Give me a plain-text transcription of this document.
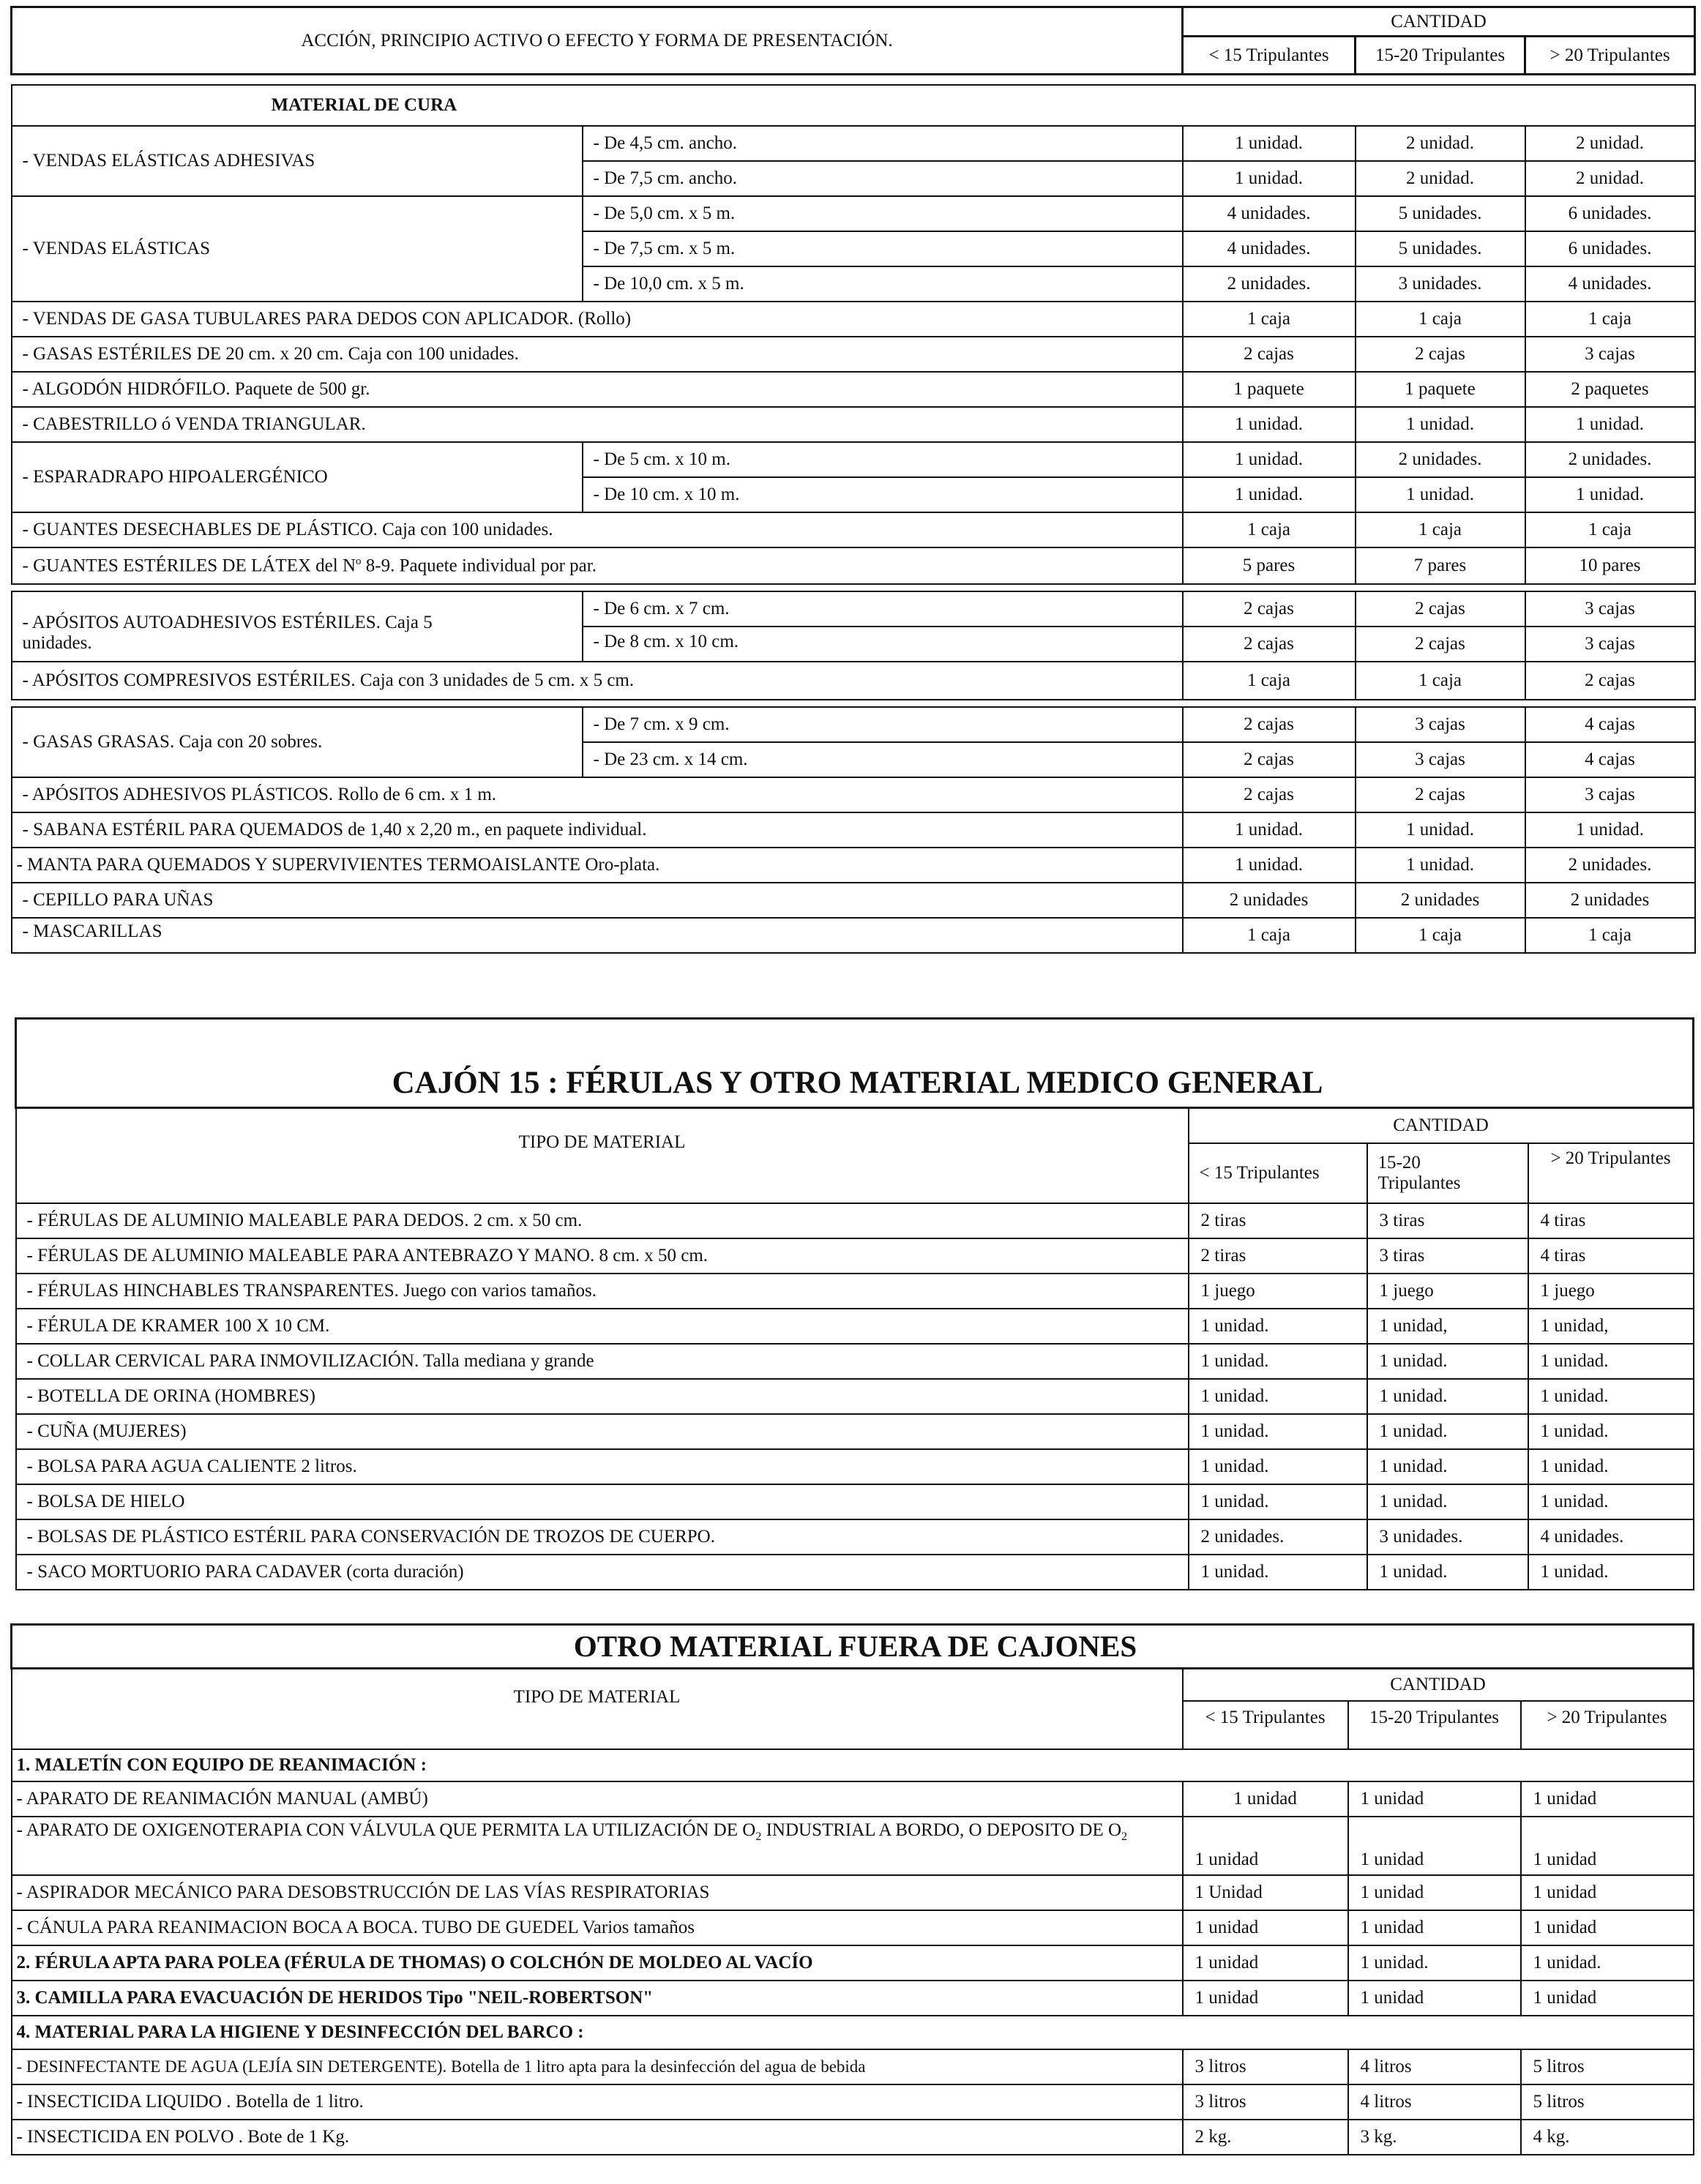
ACCIÓN, PRINCIPIO ACTIVO O EFECTO Y FORMA DE PRESENTACIÓN.		CANTIDAD		
		< 15 Tripulantes	15-20 Tripulantes	> 20 Tripulantes

MATERIAL DE CURA				
- VENDAS ELÁSTICAS ADHESIVAS	- De 4,5 cm. ancho.	1 unidad.	2 unidad.	2 unidad.
	- De 7,5 cm. ancho.	1 unidad.	2 unidad.	2 unidad.
- VENDAS ELÁSTICAS	- De 5,0 cm. x 5 m.	4 unidades.	5 unidades.	6 unidades.
	- De 7,5 cm. x 5 m.	4 unidades.	5 unidades.	6 unidades.
	- De 10,0 cm. x 5 m.	2 unidades.	3 unidades.	4 unidades.
- VENDAS DE GASA TUBULARES PARA DEDOS CON APLICADOR. (Rollo)		1 caja	1 caja	1 caja
- GASAS ESTÉRILES DE 20 cm. x 20 cm. Caja con 100 unidades.		2 cajas	2 cajas	3 cajas
- ALGODÓN HIDRÓFILO. Paquete de 500 gr.		1 paquete	1 paquete	2 paquetes
- CABESTRILLO ó VENDA TRIANGULAR.		1 unidad.	1 unidad.	1 unidad.
- ESPARADRAPO HIPOALERGÉNICO	- De 5 cm. x 10 m.	1 unidad.	2 unidades.	2 unidades.
	- De 10 cm. x 10 m.	1 unidad.	1 unidad.	1 unidad.
- GUANTES DESECHABLES DE PLÁSTICO. Caja con 100 unidades.		1 caja	1 caja	1 caja
- GUANTES ESTÉRILES DE LÁTEX del $N^o$ 8-9. Paquete individual por par.		5 pares	7 pares	10 pares

- APÓSITOS AUTOADHESIVOS ESTÉRILES. Caja 5 unidades.	- De 6 cm. x 7 cm.	2 cajas	2 cajas	3 cajas
	- De 8 cm. x 10 cm.	2 cajas	2 cajas	3 cajas
- APÓSITOS COMPRESIVOS ESTÉRILES. Caja con 3 unidades de 5 cm. x 5 cm.		1 caja	1 caja	2 cajas

- GASAS GRASAS. Caja con 20 sobres.	- De 7 cm. x 9 cm.	2 cajas	3 cajas	4 cajas
	- De 23 cm. x 14 cm.	2 cajas	3 cajas	4 cajas
- APÓSITOS ADHESIVOS PLÁSTICOS. Rollo de 6 cm. x 1 m.		2 cajas	2 cajas	3 cajas
- SABANA ESTÉRIL PARA QUEMADOS de 1,40 x 2,20 m., en paquete individual.		1 unidad.	1 unidad.	1 unidad.
- MANTA PARA QUEMADOS Y SUPERVIVIENTES TERMOAISLANTE Oro-plata.		1 unidad.	1 unidad.	2 unidades.
- CEPILLO PARA UÑAS		2 unidades	2 unidades	2 unidades
- MASCARILLAS		1 caja	1 caja	1 caja
CAJÓN 15 : FÉRULAS Y OTRO MATERIAL MEDICO GENERAL			
TIPO DE MATERIAL	CANTIDAD		
	< 15 Tripulantes	15-20 Tripulantes	> 20 Tripulantes
- FÉRULAS DE ALUMINIO MALEABLE PARA DEDOS. 2 cm. x 50 cm.	2 tiras	3 tiras	4 tiras
- FÉRULAS DE ALUMINIO MALEABLE PARA ANTEBRAZO Y MANO. 8 cm. x 50 cm.	2 tiras	3 tiras	4 tiras
- FÉRULAS HINCHABLES TRANSPARENTES. Juego con varios tamaños.	1 juego	1 juego	1 juego
- FÉRULA DE KRAMER 100 X 10 CM.	1 unidad.	1 unidad,	1 unidad,
- COLLAR CERVICAL PARA INMOVILIZACIÓN. Talla mediana y grande	1 unidad.	1 unidad.	1 unidad.
- BOTELLA DE ORINA (HOMBRES)	1 unidad.	1 unidad.	1 unidad.
- CUÑA (MUJERES)	1 unidad.	1 unidad.	1 unidad.
- BOLSA PARA AGUA CALIENTE 2 litros.	1 unidad.	1 unidad.	1 unidad.
- BOLSA DE HIELO	1 unidad.	1 unidad.	1 unidad.
- BOLSAS DE PLÁSTICO ESTÉRIL PARA CONSERVACIÓN DE TROZOS DE CUERPO.	2 unidades.	3 unidades.	4 unidades.
- SACO MORTUORIO PARA CADAVER (corta duración)	1 unidad.	1 unidad.	1 unidad.
OTRO MATERIAL FUERA DE CAJONES			
TIPO DE MATERIAL	CANTIDAD		
	< 15 Tripulantes	15-20 Tripulantes	> 20 Tripulantes
1. MALETÍN CON EQUIPO DE REANIMACIÓN :			
- APARATO DE REANIMACIÓN MANUAL (AMBÚ)	1 unidad	1 unidad	1 unidad
- APARATO DE OXIGENOTERAPIA CON VÁLVULA QUE PERMITA LA UTILIZACIÓN DE $O_2$ INDUSTRIAL A BORDO, O DEPOSITO DE $O_2$	1 unidad	1 unidad	1 unidad
- ASPIRADOR MECÁNICO PARA DESOBSTRUCCIÓN DE LAS VÍAS RESPIRATORIAS	1 Unidad	1 unidad	1 unidad
- CÁNULA PARA REANIMACION BOCA A BOCA. TUBO DE GUEDEL Varios tamaños	1 unidad	1 unidad	1 unidad
2. FÉRULA APTA PARA POLEA (FÉRULA DE THOMAS) O COLCHÓN DE MOLDEO AL VACÍO	1 unidad	1 unidad.	1 unidad.
3. CAMILLA PARA EVACUACIÓN DE HERIDOS Tipo "NEIL-ROBERTSON"	1 unidad	1 unidad	1 unidad
4. MATERIAL PARA LA HIGIENE Y DESINFECCIÓN DEL BARCO :			
- DESINFECTANTE DE AGUA (LEJÍA SIN DETERGENTE). Botella de 1 litro apta para la desinfección del agua de bebida	3 litros	4 litros	5 litros
- INSECTICIDA LIQUIDO . Botella de 1 litro.	3 litros	4 litros	5 litros
- INSECTICIDA EN POLVO . Bote de 1 Kg.	2 kg.	3 kg.	4 kg.
